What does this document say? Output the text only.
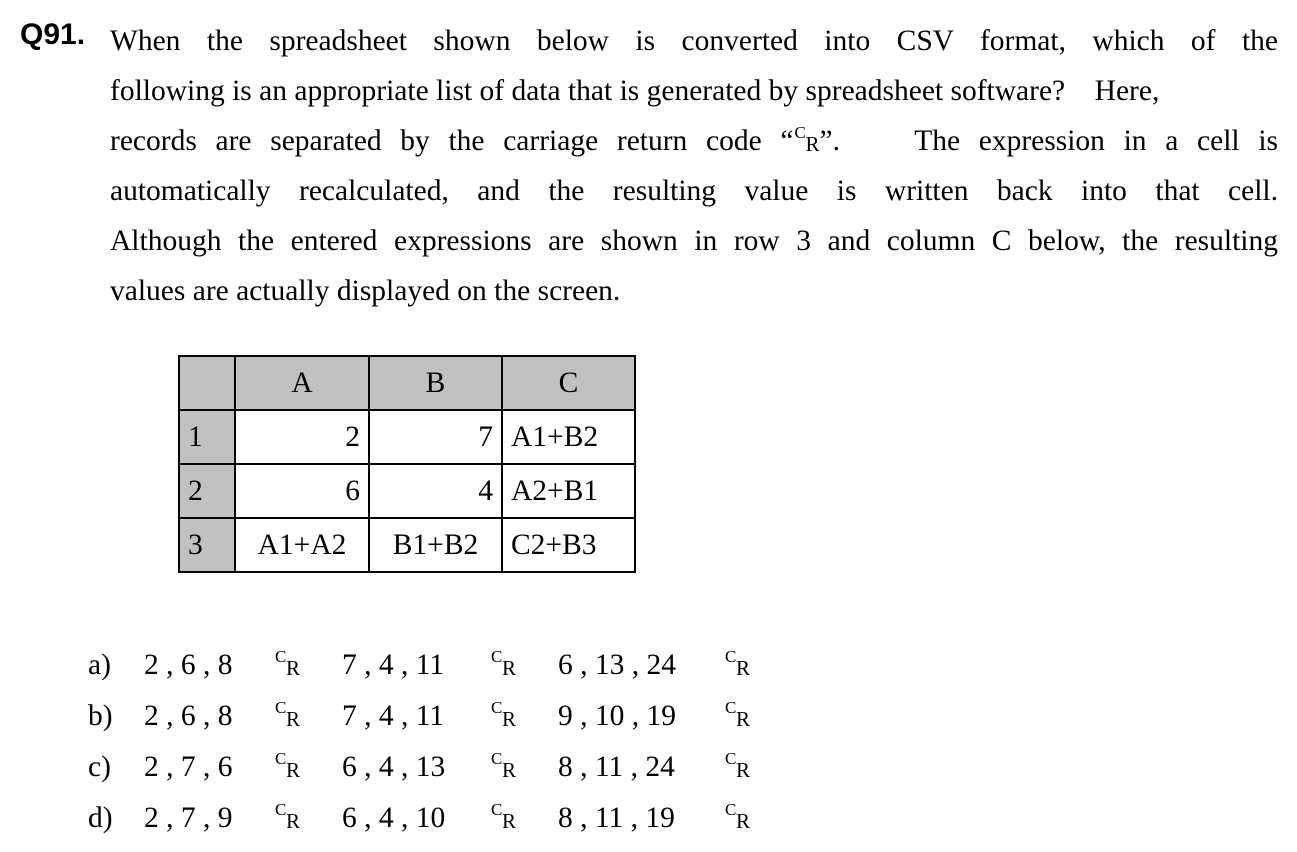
Q91. When the spreadsheet shown below is converted into CSV format, which of the
following is an appropriate list of data that is generated by spreadsheet software?    Here,
records are separated by the carriage return code “ C R ”.    The expression in a cell is
automatically recalculated, and the resulting value is written back into that cell.
Although the entered expressions are shown in row 3 and column C below, the resulting
values are actually displayed on the screen.
	A	B	C
1	2	7	A1+B2
2	6	4	A2+B1
3	A1+A2	B1+B2	C2+B3
a) 2 , 6 , 8	C R 7 , 4 , 11	C R 6 , 13 , 24	C R
b) 2 , 6 , 8	C R 7 , 4 , 11	C R 9 , 10 , 19	C R
c) 2 , 7 , 6	C R 6 , 4 , 13	C R 8 , 11 , 24	C R
d) 2 , 7 , 9	C R 6 , 4 , 10	C R 8 , 11 , 19	C R
